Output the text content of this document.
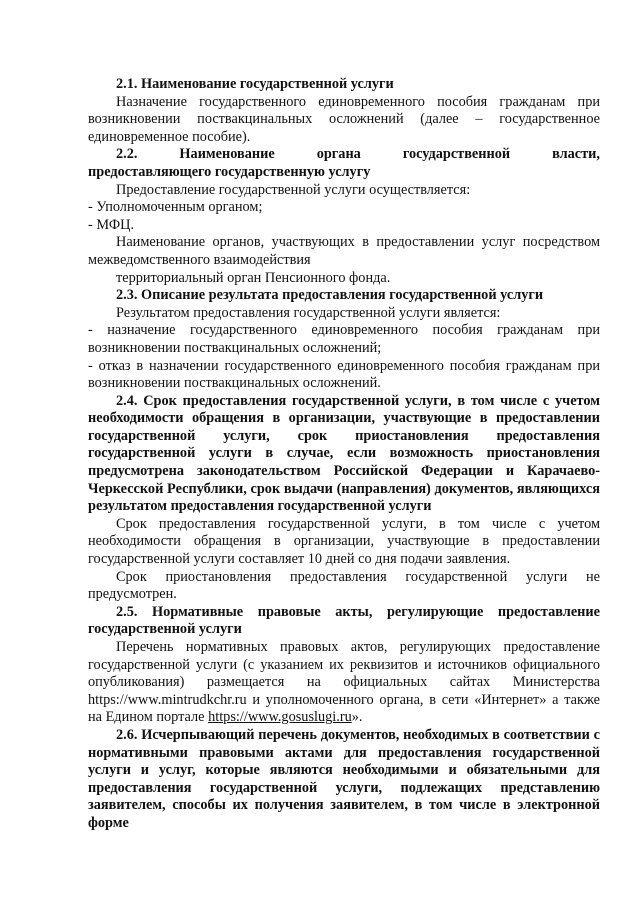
2.1. Наименование государственной услуги

Назначение государственного единовременного пособия гражданам при возникновении поствакцинальных осложнений (далее – государственное единовременное пособие).

2.2.	Наименование	органа	государственной	власти,

предоставляющего государственную услугу

Предоставление государственной услуги осуществляется:

- Уполномоченным органом;

- МФЦ.

Наименование органов, участвующих в предоставлении услуг посредством межведомственного взаимодействия

территориальный орган Пенсионного фонда.

2.3. Описание результата предоставления государственной услуги

Результатом предоставления государственной услуги является:

- назначение государственного единовременного пособия гражданам при возникновении поствакцинальных осложнений;

- отказ в назначении государственного единовременного пособия гражданам при возникновении поствакцинальных осложнений.

2.4. Срок предоставления государственной услуги, в том числе с учетом необходимости обращения в организации, участвующие в предоставлении государственной услуги, срок приостановления предоставления государственной услуги в случае, если возможность приостановления предусмотрена законодательством Российской Федерации и Карачаево-Черкесской Республики, срок выдачи (направления) документов, являющихся результатом предоставления государственной услуги

Срок предоставления государственной услуги, в том числе с учетом необходимости обращения в организации, участвующие в предоставлении государственной услуги составляет 10 дней со дня подачи заявления.

Срок приостановления предоставления государственной услуги не предусмотрен.

2.5. Нормативные правовые акты, регулирующие предоставление государственной услуги

Перечень нормативных правовых актов, регулирующих предоставление государственной услуги (с указанием их реквизитов и источников официального опубликования) размещается на официальных сайтах Министерства https://www.mintrudkchr.ru и уполномоченного органа, в сети «Интернет» а также на Едином портале https://www.gosuslugi.ru».

2.6. Исчерпывающий перечень документов, необходимых в соответствии с нормативными правовыми актами для предоставления государственной услуги и услуг, которые являются необходимыми и обязательными для предоставления государственной услуги, подлежащих представлению заявителем, способы их получения заявителем, в том числе в электронной форме
